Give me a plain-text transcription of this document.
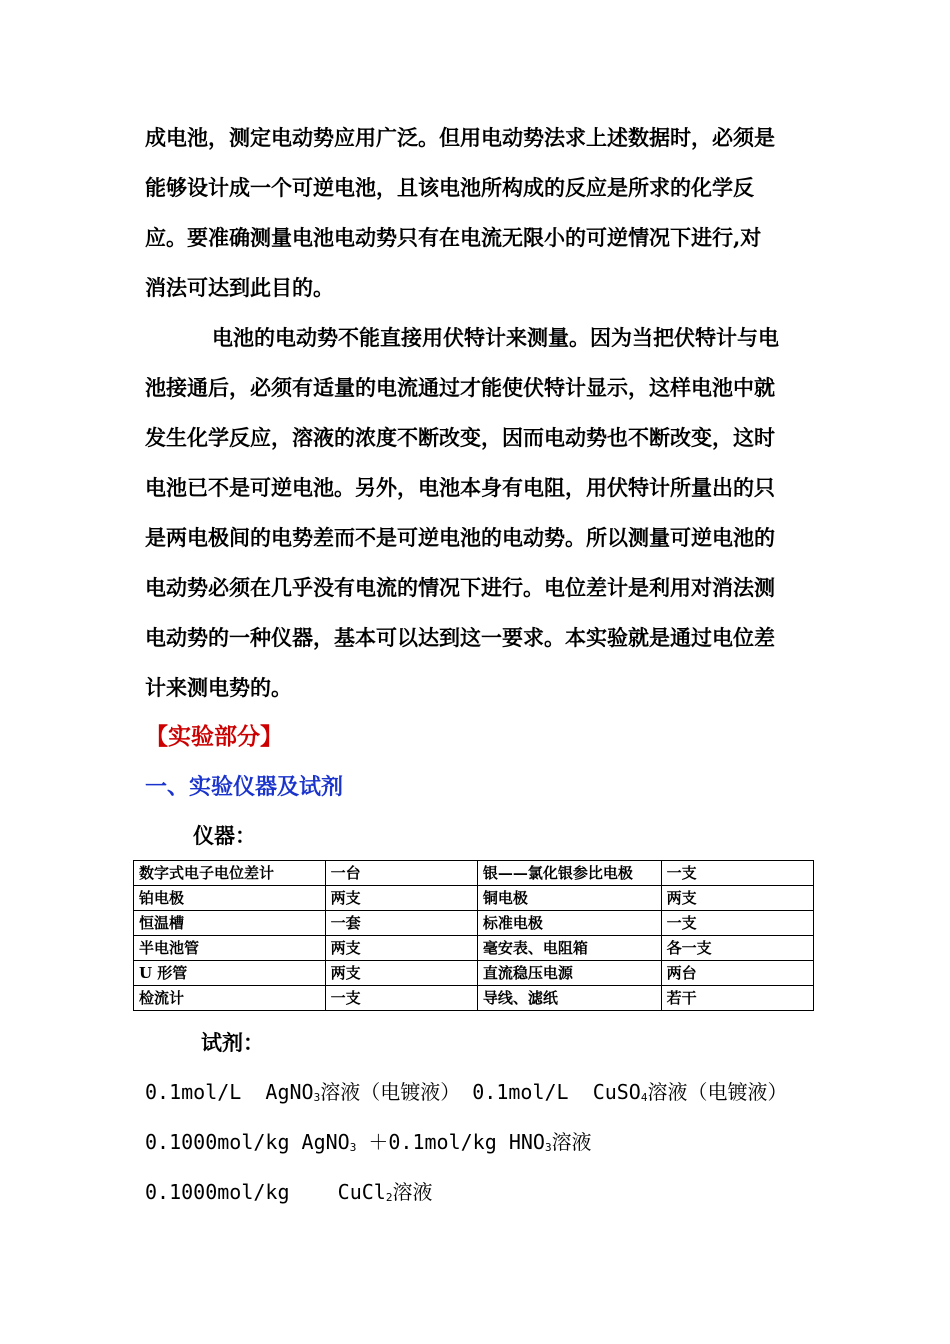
成电池，测定电动势应用广泛。但用电动势法求上述数据时，必须是
能够设计成一个可逆电池，且该电池所构成的反应是所求的化学反
应。要准确测量电池电动势只有在电流无限小的可逆情况下进行,对
消法可达到此目的。
电池的电动势不能直接用伏特计来测量。因为当把伏特计与电
池接通后，必须有适量的电流通过才能使伏特计显示，这样电池中就
发生化学反应，溶液的浓度不断改变，因而电动势也不断改变，这时
电池已不是可逆电池。另外，电池本身有电阻，用伏特计所量出的只
是两电极间的电势差而不是可逆电池的电动势。所以测量可逆电池的
电动势必须在几乎没有电流的情况下进行。电位差计是利用对消法测
电动势的一种仪器，基本可以达到这一要求。本实验就是通过电位差
计来测电势的。
【实验部分】
一、实验仪器及试剂
仪器：
数字式电子电位差计	一台	银——氯化银参比电极	一支
铂电极	两支	铜电极	两支
恒温槽	一套	标准电极	一支
半电池管	两支	毫安表、电阻箱	各一支
U 形管	两支	直流稳压电源	两台
检流计	一支	导线、滤纸	若干
试剂：
0.1mol/L AgNO$_3$溶液（电镀液） 0.1mol/L CuSO$_4$溶液（电镀液）
0.1000mol/kg AgNO$_3$ ＋0.1mol/kg $HNO_3$溶液
0.1000mol/kg CuCl$_2$溶液
